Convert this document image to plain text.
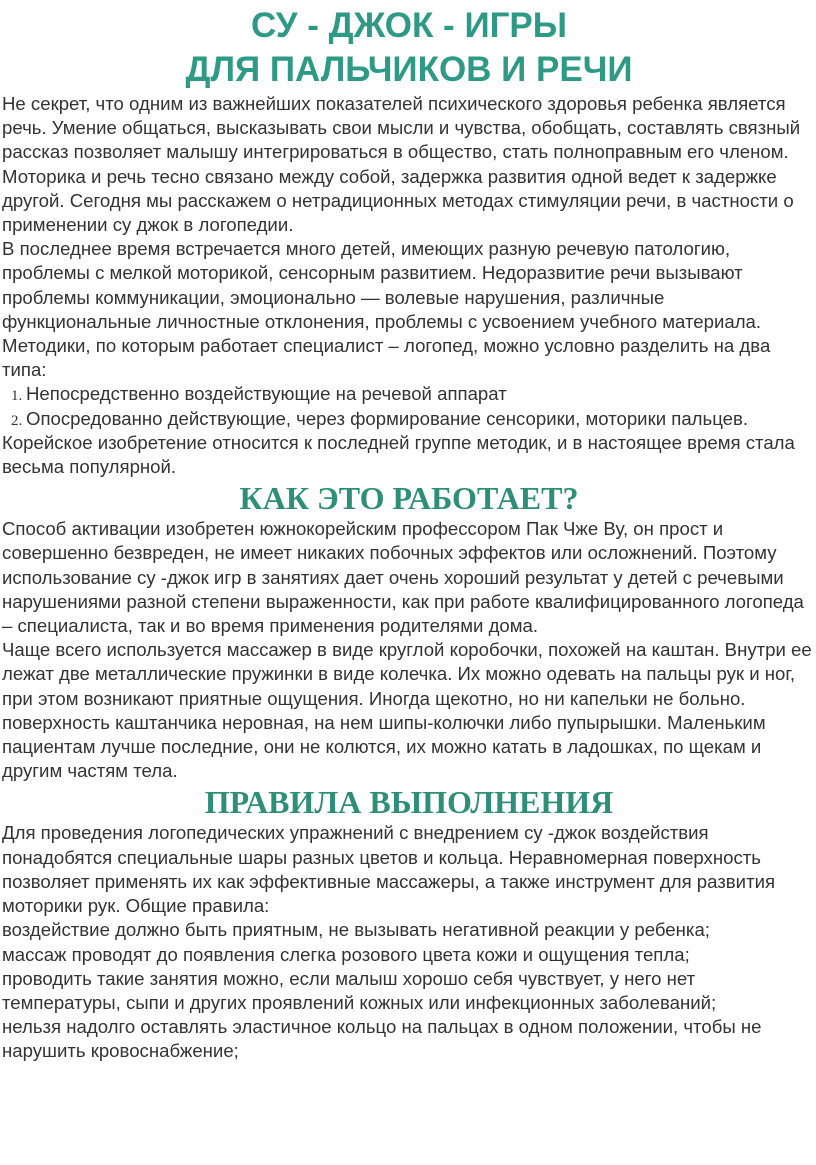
СУ - ДЖОК - ИГРЫ
ДЛЯ ПАЛЬЧИКОВ И РЕЧИ

Не секрет, что одним из важнейших показателей психического здоровья ребенка является речь. Умение общаться, высказывать свои мысли и чувства, обобщать, составлять связный рассказ позволяет малышу интегрироваться в общество, стать полноправным его членом. Моторика и речь тесно связано между собой, задержка развития одной ведет к задержке другой. Сегодня мы расскажем о нетрадиционных методах стимуляции речи, в частности о применении су джок в логопедии.

В последнее время встречается много детей, имеющих разную речевую патологию, проблемы с мелкой моторикой, сенсорным развитием. Недоразвитие речи вызывают проблемы коммуникации, эмоционально — волевые нарушения, различные функциональные личностные отклонения, проблемы с усвоением учебного материала.

Методики, по которым работает специалист – логопед, можно условно разделить на два типа:

1. Непосредственно воздействующие на речевой аппарат
2. Опосредованно действующие, через формирование сенсорики, моторики пальцев.

Корейское изобретение относится к последней группе методик, и в настоящее время стала весьма популярной.

КАК ЭТО РАБОТАЕТ?

Способ активации изобретен южнокорейским профессором Пак Чже Ву, он прост и совершенно безвреден, не имеет никаких побочных эффектов или осложнений. Поэтому использование су -джок игр в занятиях дает очень хороший результат у детей с речевыми нарушениями разной степени выраженности, как при работе квалифицированного логопеда – специалиста, так и во время применения родителями дома.

Чаще всего используется массажер в виде круглой коробочки, похожей на каштан. Внутри ее лежат две металлические пружинки в виде колечка. Их можно одевать на пальцы рук и ног, при этом возникают приятные ощущения. Иногда щекотно, но ни капельки не больно. поверхность каштанчика неровная, на нем шипы-колючки либо пупырышки. Маленьким пациентам лучше последние, они не колются, их можно катать в ладошках, по щекам и другим частям тела.

ПРАВИЛА ВЫПОЛНЕНИЯ

Для проведения логопедических упражнений с внедрением су -джок воздействия понадобятся специальные шары разных цветов и кольца. Неравномерная поверхность позволяет применять их как эффективные массажеры, а также инструмент для развития моторики рук. Общие правила:

воздействие должно быть приятным, не вызывать негативной реакции у ребенка;

массаж проводят до появления слегка розового цвета кожи и ощущения тепла;

проводить такие занятия можно, если малыш хорошо себя чувствует, у него нет температуры, сыпи и других проявлений кожных или инфекционных заболеваний;

нельзя надолго оставлять эластичное кольцо на пальцах в одном положении, чтобы не нарушить кровоснабжение;
